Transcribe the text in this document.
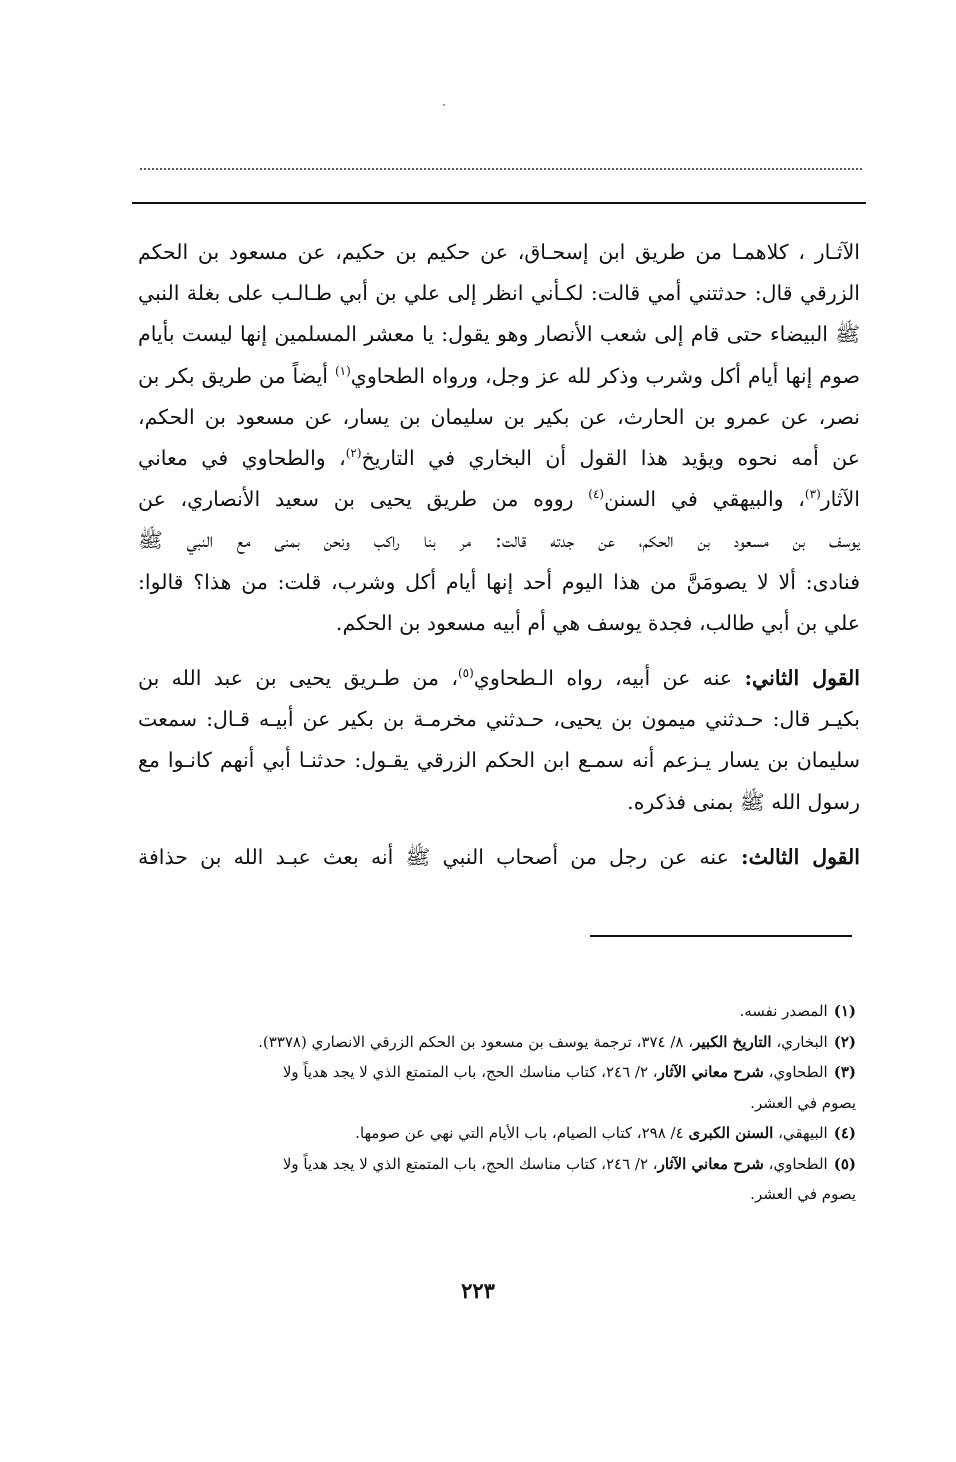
الآثـار ، كلاهمـا من طريق ابن إسحـاق، عن حكيم بن حكيم، عن مسعود بن الحكم
الزرقي قال: حدثتني أمي قالت: لكـأني انظر إلى علي بن أبي طـالـب على بغلة النبي
ﷺ البيضاء حتى قام إلى شعب الأنصار وهو يقول: يا معشر المسلمين إنها ليست بأيام
صوم إنها أيام أكل وشرب وذكر لله عز وجل، ورواه الطحاوي$^{(١)}$ أيضاً من طريق بكر بن
نصر، عن عمرو بن الحارث، عن بكير بن سليمان بن يسار، عن مسعود بن الحكم،
عن أمه نحوه ويؤيد هذا القول أن البخاري في التاريخ$^{(٢)}$، والطحاوي في معاني
الآثار$^{(٣)}$، والبيهقي في السنن$^{(٤)}$ رووه من طريق يحيى بن سعيد الأنصاري، عن
يوسف بن مسعود بن الحكم، عن جدته قالت: مر بنا راكب ونحن بمنى مع النبي ﷺ
فنادى: ألا لا يصومَنَّ من هذا اليوم أحد إنها أيام أكل وشرب، قلت: من هذا؟ قالوا:
علي بن أبي طالب، فجدة يوسف هي أم أبيه مسعود بن الحكم.

القول الثاني: عنه عن أبيه، رواه الـطحاوي$^{(٥)}$، من طـريق يحيى بن عبد الله بن
بكيـر قال: حـدثني ميمون بن يحيى، حـدثني مخرمـة بن بكير عن أبيـه قـال: سمعت
سليمان بن يسار يـزعم أنه سمـع ابن الحكم الزرقي يقـول: حدثنـا أبي أنهم كانـوا مع
رسول الله ﷺ بمنى فذكره.

القول الثالث: عنه عن رجل من أصحاب النبي ﷺ أنه بعث عبـد الله بن حذافة

(١)المصدر نفسه.

(٢)البخاري، التاريخ الكبير، ٨/ ٣٧٤، ترجمة يوسف بن مسعود بن الحكم الزرقي الانصاري (٣٣٧٨).

(٣)الطحاوي، شرح معاني الآثار، ٢/ ٢٤٦، كتاب مناسك الحج، باب المتمتع الذي لا يجد هدياً ولا
يصوم في العشر.

(٤)البيهقي، السنن الكبرى ٤/ ٢٩٨، كتاب الصيام، باب الأيام التي نهي عن صومها.

(٥)الطحاوي، شرح معاني الآثار، ٢/ ٢٤٦، كتاب مناسك الحج، باب المتمتع الذي لا يجد هدياً ولا
يصوم في العشر.

٢٢٣
